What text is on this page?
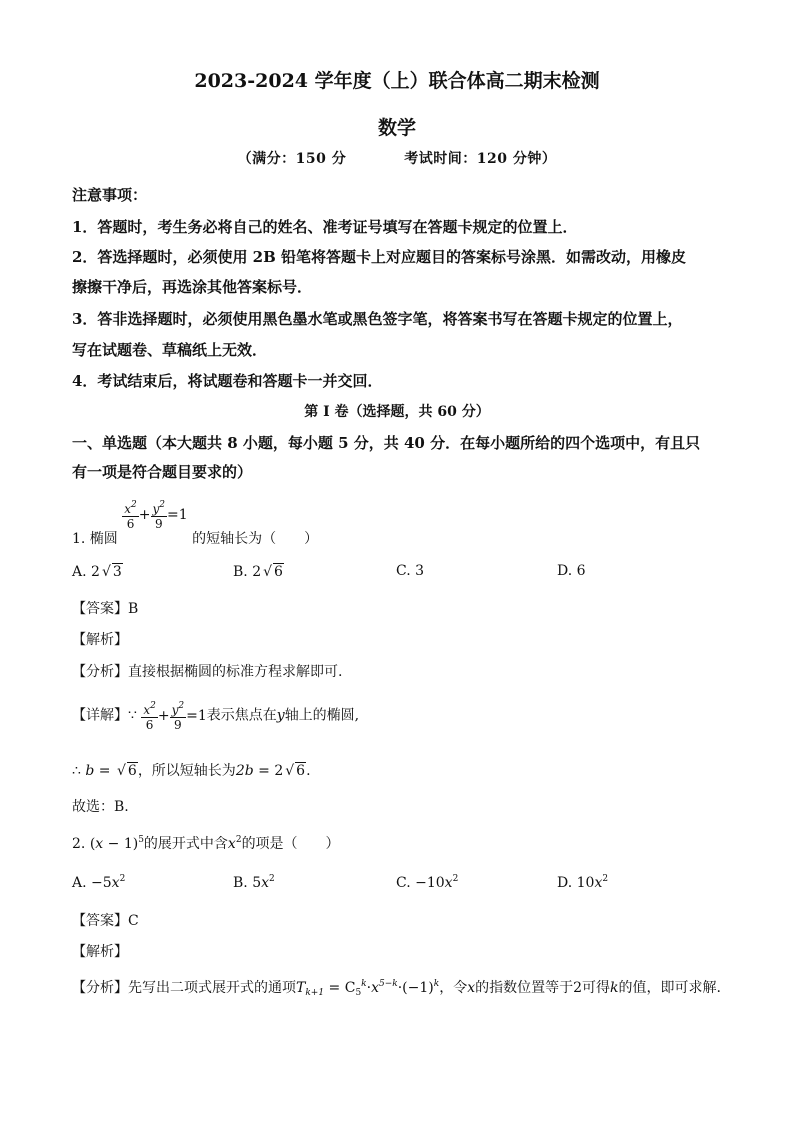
2023-2024 学年度（上）联合体高二期末检测
数学
（满分：150 分	考试时间：120 分钟）
注意事项：
1．答题时，考生务必将自己的姓名、准考证号填写在答题卡规定的位置上．
2．答选择题时，必须使用 2B 铅笔将答题卡上对应题目的答案标号涂黑．如需改动，用橡皮
擦擦干净后，再选涂其他答案标号．
3．答非选择题时，必须使用黑色墨水笔或黑色签字笔，将答案书写在答题卡规定的位置上，
写在试题卷、草稿纸上无效．
4．考试结束后，将试题卷和答题卡一并交回．
第 I 卷（选择题，共 60 分）
一、单选题（本大题共 8 小题，每小题 5 分，共 40 分．在每小题所给的四个选项中，有且只
有一项是符合题目要求的）
1. 椭圆
$\frac{x^2}{6} + \frac{y^2}{9} =1$ 的短轴长为（　　）
A. 2 √ 3	B. 2 √ 6	C. 3	D. 6
【答案】B
【解析】
【分析】直接根据椭圆的标准方程求解即可.
【详解】∵ $\frac{x^2}{6} + \frac{y^2}{9} =1$表示焦点在y轴上的椭圆,
∴ b = √ 6，所以短轴长为2b = 2 √ 6.
故选：B.
2. $(x - 1)^5$的展开式中含$x^2$的项是（　　）
A. $-5x^2$	B. $5x^2$	C. $-10x^2$	D. $10x^2$
【答案】C
【解析】
【分析】先写出二项式展开式的通项$T_{k+1} = C_5^k\cdot x^{5-k}\cdot(-1)^k$，令x的指数位置等于2可得k的值，即可求解.
